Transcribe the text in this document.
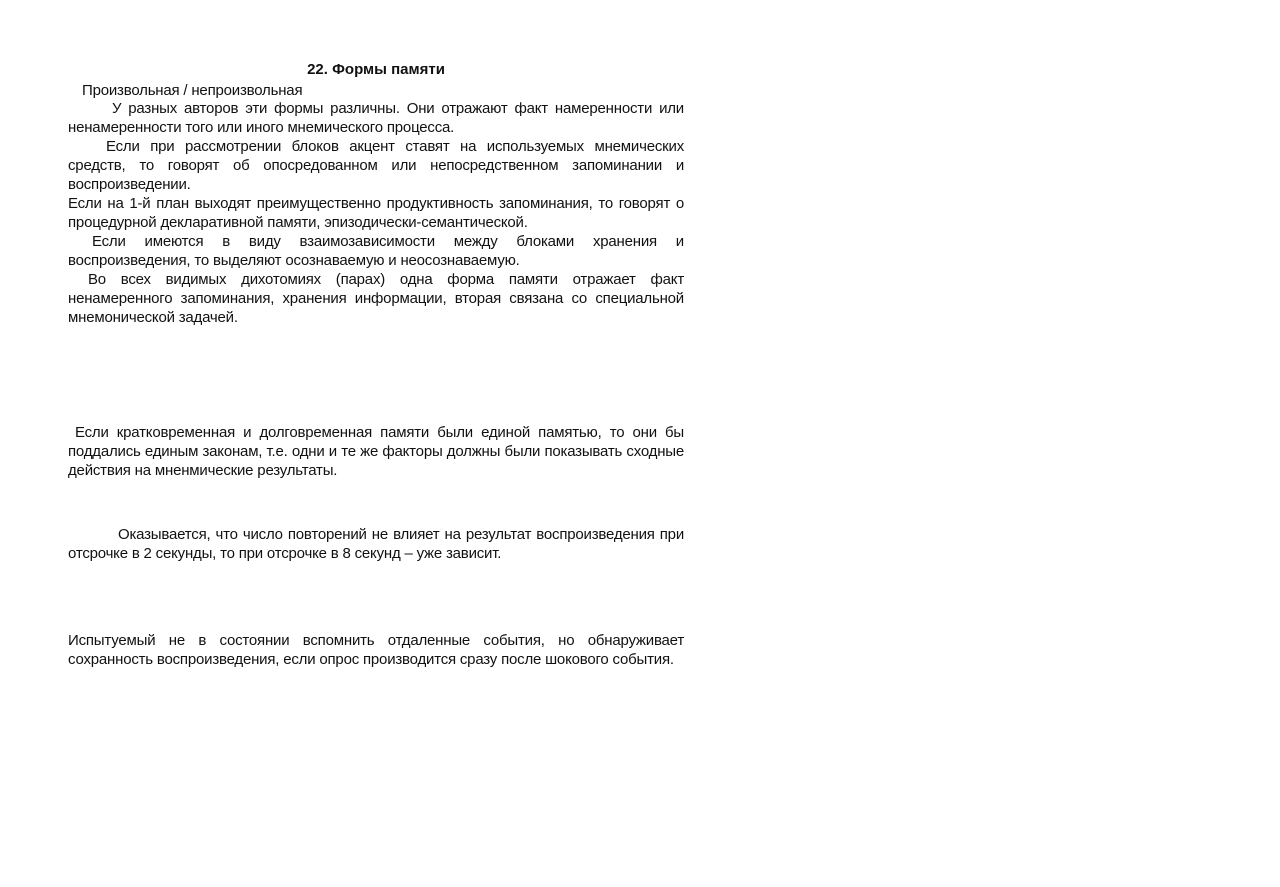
22. Формы памяти
Произвольная / непроизвольная

У разных авторов эти формы различны. Они отражают факт намеренности или ненамеренности того или иного мнемического процесса.

Если при рассмотрении блоков акцент ставят на используемых мнемических средств, то говорят об опосредованном или непосредственном запоминании и воспроизведении.

Если на 1-й план выходят преимущественно продуктивность запоминания, то говорят о процедурной декларативной памяти, эпизодически-семантической.

Если имеются в виду взаимозависимости между блоками хранения и воспроизведения, то выделяют осознаваемую и неосознаваемую.

Во всех видимых дихотомиях (парах) одна форма памяти отражает факт ненамеренного запоминания, хранения информации, вторая связана со специальной мнемонической задачей.

Если кратковременная и долговременная памяти были единой памятью, то они бы поддались единым законам, т.е. одни и те же факторы должны были показывать сходные действия на мненмические результаты.

Оказывается, что число повторений не влияет на результат воспроизведения при отсрочке в 2 секунды, то при отсрочке в 8 секунд – уже зависит.

Испытуемый не в состоянии вспомнить отдаленные события, но обнаруживает сохранность воспроизведения, если опрос производится сразу после шокового события.
